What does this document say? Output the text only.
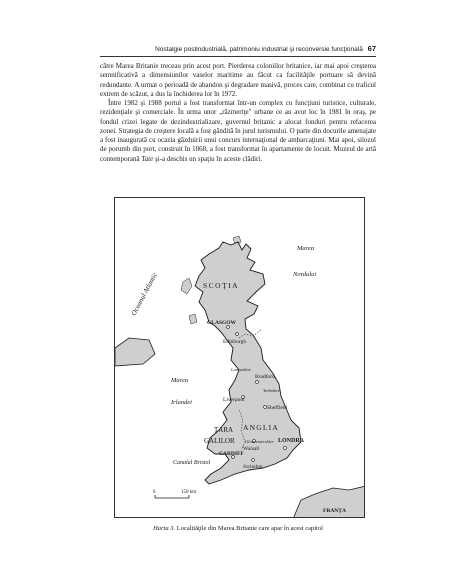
Nostalgie postindustrială, patrimoniu industrial şi reconversie funcţională 67

către Marea Britanie treceau prin acest port. Pierderea coloniilor britanice, iar mai apoi creşterea semnificativă a dimensiunilor vaselor maritime au făcut ca facilităţile portuare să devină redundante. A urmat o perioadă de abandon şi degradare masivă, proces care, combinat cu traficul extrem de scăzut, a dus la închiderea lor în 1972.

Între 1982 şi 1988 portul a fost transformat într-un complex cu funcţiuni turistice, culturale, rezidenţiale şi comerciale. În urma unor „răzmeriţe" urbane ce au avut loc în 1981 în oraş, pe fondul crizei legate de dezindustrializare, guvernul britanic a alocat fonduri pentru refacerea zonei. Strategia de creştere locală a fost gândită în jurul turismului. O parte din docurile amenajate a fost inaugurată cu ocazia găzduirii unui concurs internaţional de ambarcaţiuni. Mai apoi, silozul de porumb din port, construit în 1868, a fost transformat în apartamente de locuit. Muzeul de artă contemporană Tate şi-a deschis un spaţiu în aceste clădiri.

Oceanul Atlantic
Marea
Nordului
Marea
Irlandei
Canalul Bristol
SCOŢIA
ANGLIA
ŢARA
GALILOR
GLASGOW
Edinburgh
Lancashire
Bradford
Yorkshire
Liverpool
Sheffield
Walsall
Gloucestershire LONDRA
CARDIFF
Swindon
FRANŢA
0	150 km
Harta 3. Localităţile din Marea Britanie care apar în acest capitol
